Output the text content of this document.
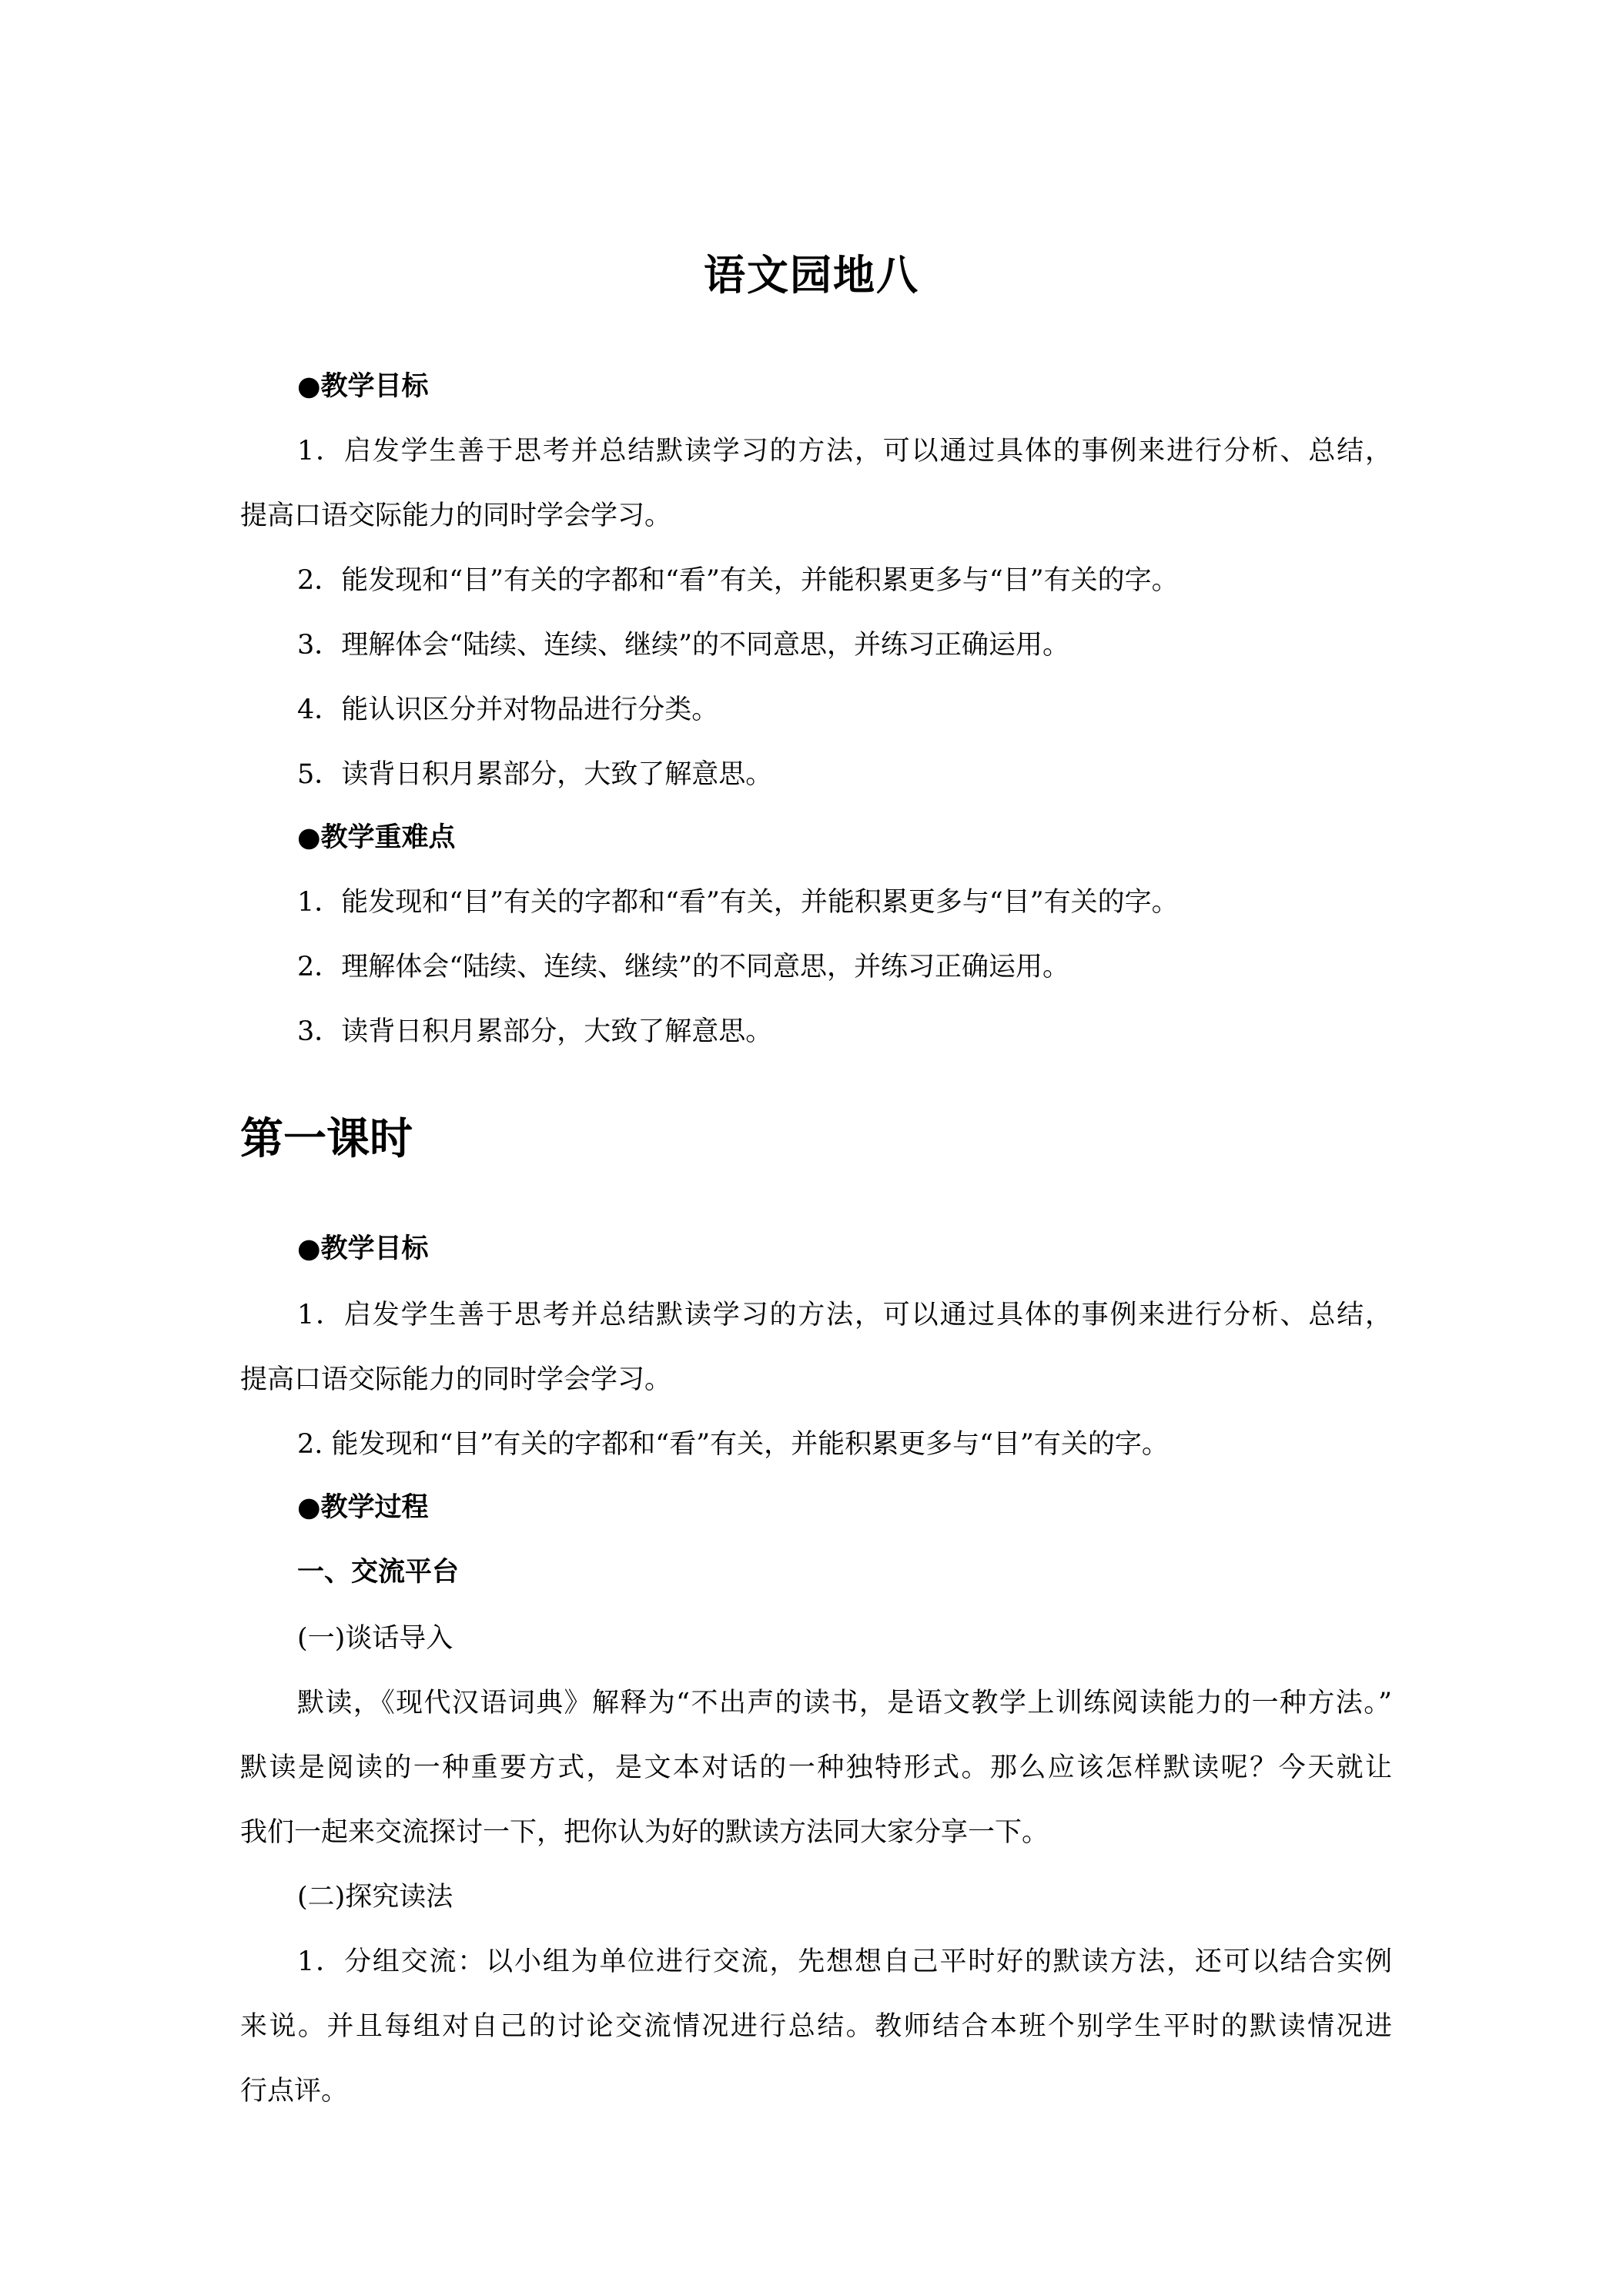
语文园地八
●教学目标
1．启发学生善于思考并总结默读学习的方法，可以通过具体的事例来进行分析、总结，
提高口语交际能力的同时学会学习。
2．能发现和“目”有关的字都和“看”有关，并能积累更多与“目”有关的字。
3．理解体会“陆续、连续、继续”的不同意思，并练习正确运用。
4．能认识区分并对物品进行分类。
5．读背日积月累部分，大致了解意思。
●教学重难点
1．能发现和“目”有关的字都和“看”有关，并能积累更多与“目”有关的字。
2．理解体会“陆续、连续、继续”的不同意思，并练习正确运用。
3．读背日积月累部分，大致了解意思。
第一课时
●教学目标
1．启发学生善于思考并总结默读学习的方法，可以通过具体的事例来进行分析、总结，
提高口语交际能力的同时学会学习。
2. 能发现和“目”有关的字都和“看”有关，并能积累更多与“目”有关的字。
●教学过程
一、交流平台
(一)谈话导入
默读，《现代汉语词典》解释为“不出声的读书，是语文教学上训练阅读能力的一种方法。”
默读是阅读的一种重要方式，是文本对话的一种独特形式。那么应该怎样默读呢？今天就让
我们一起来交流探讨一下，把你认为好的默读方法同大家分享一下。
(二)探究读法
1．分组交流：以小组为单位进行交流，先想想自己平时好的默读方法，还可以结合实例
来说。并且每组对自己的讨论交流情况进行总结。教师结合本班个别学生平时的默读情况进
行点评。
